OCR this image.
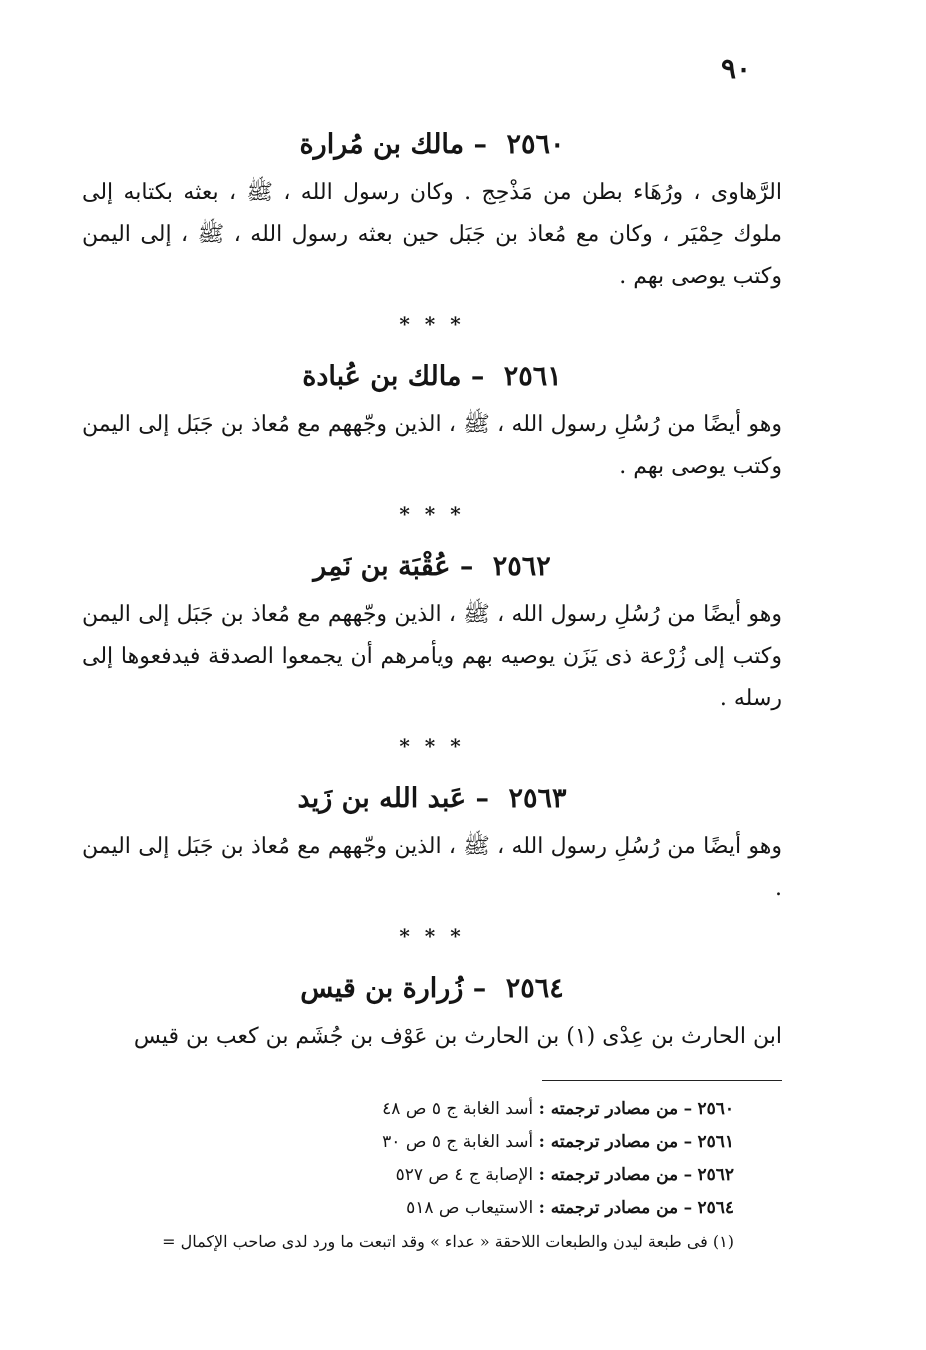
٩٠
٢٥٦٠ – مالك بن مُرارة

الرَّهاوى ، ورُهَاء بطن من مَذْحِج . وكان رسول الله ، ﷺ ، بعثه بكتابه إلى ملوك حِمْيَر ، وكان مع مُعاذ بن جَبَل حين بعثه رسول الله ، ﷺ ، إلى اليمن وكتب يوصى بهم .

* * *
٢٥٦١ – مالك بن عُبادة

وهو أيضًا من رُسُلِ رسول الله ، ﷺ ، الذين وجّههم مع مُعاذ بن جَبَل إلى اليمن وكتب يوصى بهم .

* * *
٢٥٦٢ – عُقْبَة بن نَمِر

وهو أيضًا من رُسُلِ رسول الله ، ﷺ ، الذين وجّههم مع مُعاذ بن جَبَل إلى اليمن وكتب إلى زُرْعة ذى يَزَن يوصيه بهم ويأمرهم أن يجمعوا الصدقة فيدفعوها إلى رسله .

* * *
٢٥٦٣ – عَبد الله بن زَيد

وهو أيضًا من رُسُلِ رسول الله ، ﷺ ، الذين وجّههم مع مُعاذ بن جَبَل إلى اليمن .

* * *
٢٥٦٤ – زُرارة بن قيس

ابن الحارث بن عِدْى (١) بن الحارث بن عَوْف بن جُشَم بن كعب بن قيس

٢٥٦٠ – من مصادر ترجمته : أسد الغابة ج ٥ ص ٤٨
٢٥٦١ – من مصادر ترجمته : أسد الغابة ج ٥ ص ٣٠
٢٥٦٢ – من مصادر ترجمته : الإصابة ج ٤ ص ٥٢٧
٢٥٦٤ – من مصادر ترجمته : الاستيعاب ص ٥١٨
(١) فى طبعة ليدن والطبعات اللاحقة « عداء » وقد اتبعت ما ورد لدى صاحب الإكمال =
